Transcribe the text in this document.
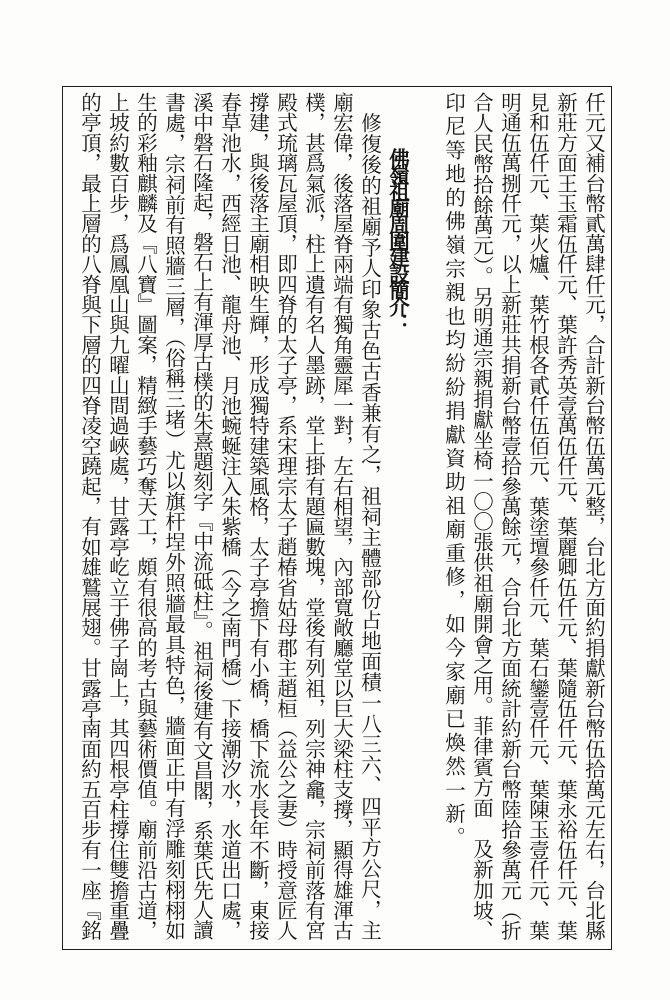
仟元又補台幣貳萬肆仟元，合計新台幣伍萬元整，台北方面約捐獻新台幣伍拾萬元左右，台北縣
新莊方面王玉霜伍仟元、葉許秀英壹萬伍仟元、葉麗卿伍仟元、葉隨伍仟元、葉永裕伍仟元、葉
見和伍仟元、葉火爐、葉竹根各貳仟伍佰元、葉塗壇參仟元、葉石鑾壹仟元、葉陳玉壹仟元、葉
明通伍萬捌仟元，以上新莊共捐新台幣壹拾參萬餘元，合台北方面統計約新台幣陸拾參萬元（折
合人民幣拾餘萬元）。另明通宗親捐獻坐椅一〇〇張供祖廟開會之用。菲律賓方面　及新加坡、
印尼等地的佛嶺宗親也均紛紛捐獻資助祖廟重修，如今家廟已煥然一新。
佛嶺祖廟周圍建設簡介：
　修復後的祖廟予人印象古色古香兼有之，祖祠主體部份占地面積一八三六、四平方公尺，主
廟宏偉，後落屋脊兩端有獨角靈犀一對，左右相望，內部寬敞廳堂以巨大梁柱支撐，顯得雄渾古
樸，甚爲氣派，柱上遺有名人墨跡，堂上掛有題匾數塊，堂後有列祖，列宗神龕，宗祠前落有宮
殿式琉璃瓦屋頂，即四脊的太子亭，系宋理宗太子趙椿省姑母郡主趙桓（益公之妻）時授意匠人
撐建，與後落主廟相映生輝，形成獨特建築風格，太子亭擔下有小橋，橋下流水長年不斷，東接
春草池水，西經日池、龍舟池、月池蜿蜒注入朱紫橋（今之南門橋）下接潮汐水，水道出口處，
溪中磐石隆起，磐石上有渾厚古樸的朱熹題刻字『中流砥柱』。祖祠後建有文昌閣，系葉氏先人讀
書處，宗祠前有照牆三層，（俗稱三堵）尤以旗杆埕外照牆最具特色，牆面正中有浮雕刻栩栩如
生的彩釉麒麟及『八寶』圖案，精緻手藝巧奪天工，頗有很高的考古與藝術價值。廟前沿古道，
上坡約數百步，爲鳳凰山與九曜山間過峽處，甘露亭屹立于佛子崗上，其四根亭柱撐住雙擔重疊
的亭頂，最上層的八脊與下層的四脊凌空蹺起，有如雄鷲展翅。甘露亭南面約五百步有一座『銘
